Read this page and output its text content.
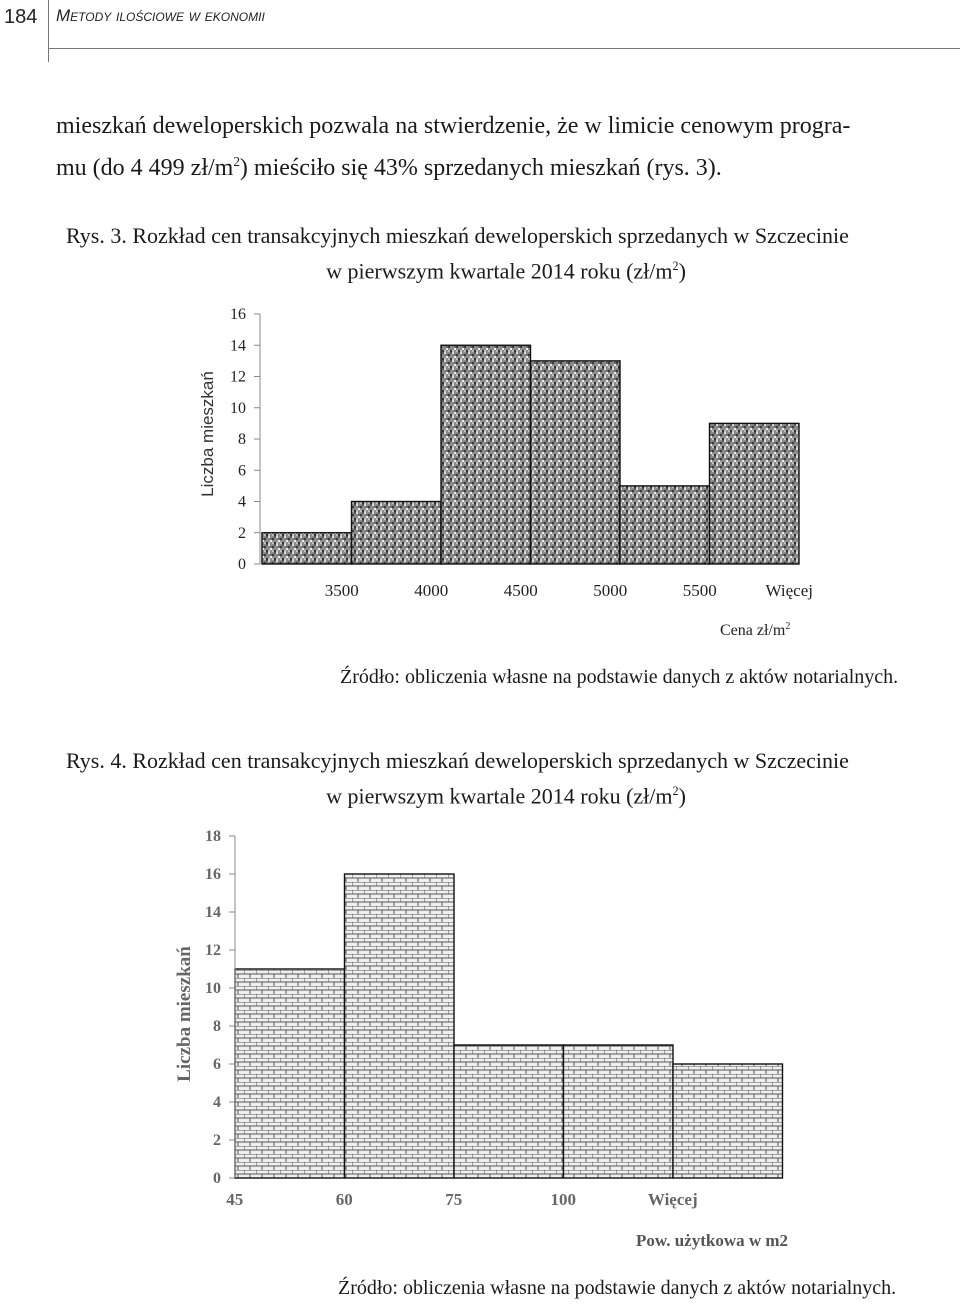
184 Metody ilościowe w ekonomii
mieszkań deweloperskich pozwala na stwierdzenie, że w limicie cenowym progra-
mu (do 4 499 $zł/m^2$) mieściło się 43% sprzedanych mieszkań (rys. 3).
Rys. 3. Rozkład cen transakcyjnych mieszkań deweloperskich sprzedanych w Szczecinie
w pierwszym kwartale 2014 roku $(zł/m^2)$
0
2
4
6
8
10
12
14
16
3500	4000	4500	5000	5500	Więcej
Liczba mieszkań
Cena $zł/m^2$
Źródło: obliczenia własne na podstawie danych z aktów notarialnych.
Rys. 4. Rozkład cen transakcyjnych mieszkań deweloperskich sprzedanych w Szczecinie
w pierwszym kwartale 2014 roku $(zł/m^2)$
0
2
4
6
8
10
12
14
16
18
45	60	75	100	Więcej
Liczba mieszkań
Pow. użytkowa w m2
Źródło: obliczenia własne na podstawie danych z aktów notarialnych.
